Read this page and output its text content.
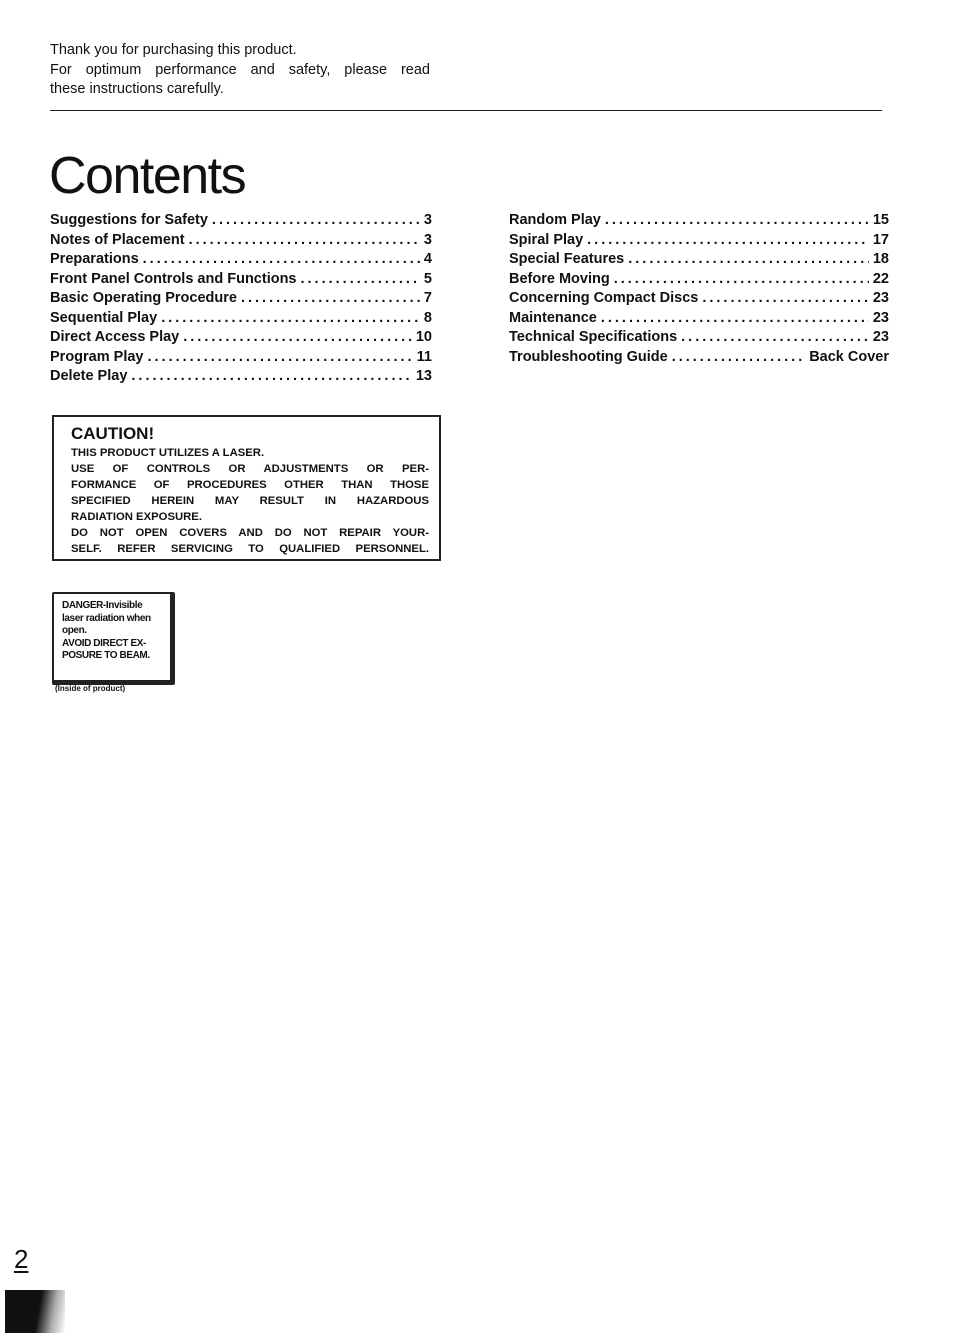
Thank you for purchasing this product.
For optimum performance and safety, please read
these instructions carefully.
Contents
Suggestions for Safety .....	3
Notes of Placement .....	3
Preparations .....	4
Front Panel Controls and Functions .....	5
Basic Operating Procedure .....	7
Sequential Play .....	8
Direct Access Play .....	10
Program Play .....	11
Delete Play .....	13
Random Play .....	15
Spiral Play .....	17
Special Features .....	18
Before Moving .....	22
Concerning Compact Discs .....	23
Maintenance .....	23
Technical Specifications .....	23
Troubleshooting Guide .....	Back Cover
CAUTION!
THIS PRODUCT UTILIZES A LASER.
USE OF CONTROLS OR ADJUSTMENTS OR PER-
FORMANCE OF PROCEDURES OTHER THAN THOSE
SPECIFIED HEREIN MAY RESULT IN HAZARDOUS
RADIATION EXPOSURE.
DO NOT OPEN COVERS AND DO NOT REPAIR YOUR-
SELF. REFER SERVICING TO QUALIFIED PERSONNEL.
DANGER-Invisible
laser radiation when
open.
AVOID DIRECT EX-
POSURE TO BEAM.
(Inside of product)
2
